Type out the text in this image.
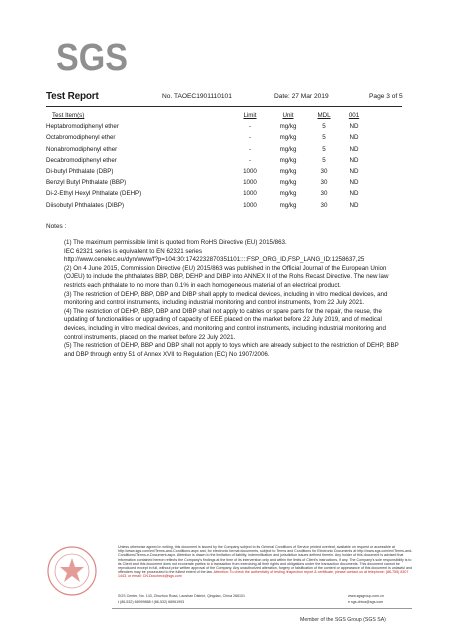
SGS
Test Report	No. TAOEC1901110101	Date: 27 Mar 2019	Page 3 of 5
Test Item(s)	Limit	Unit	MDL	001
Heptabromodiphenyl ether	-	mg/kg	5	ND
Octabromodiphenyl ether	-	mg/kg	5	ND
Nonabromodiphenyl ether	-	mg/kg	5	ND
Decabromodiphenyl ether	-	mg/kg	5	ND
Di-butyl Phthalate (DBP)	1000	mg/kg	30	ND
Benzyl Butyl Phthalate (BBP)	1000	mg/kg	30	ND
Di-2-Ethyl Hexyl Phthalate (DEHP)	1000	mg/kg	30	ND
Diisobutyl Phthalates (DIBP)	1000	mg/kg	30	ND
Notes :

(1) The maximum permissible limit is quoted from RoHS Directive (EU) 2015/863.

IEC 62321 series is equivalent to EN 62321 series

http://www.cenelec.eu/dyn/www/f?p=104:30:1742232870351101::::FSP_ORG_ID,FSP_LANG_ID:1258637,25

(2) On 4 June 2015, Commission Directive (EU) 2015/863 was published in the Official Journal of the European Union (OJEU) to include the phthalates BBP, DBP, DEHP and DIBP into ANNEX II of the Rohs Recast Directive. The new law restricts each phthalate to no more than 0.1% in each homogeneous material of an electrical product.

(3) The restriction of DEHP, BBP, DBP and DIBP shall apply to medical devices, including in vitro medical devices, and monitoring and control instruments, including industrial monitoring and control instruments, from 22 July 2021.

(4) The restriction of DEHP, BBP, DBP and DIBP shall not apply to cables or spare parts for the repair, the reuse, the updating of functionalities or upgrading of capacity of EEE placed on the market before 22 July 2019, and of medical devices, including in vitro medical devices, and monitoring and control instruments, including industrial monitoring and control instruments, placed on the market before 22 July 2021.

(5) The restriction of DEHP, BBP and DBP shall not apply to toys which are already subject to the restriction of DEHP, BBP and DBP through entry 51 of Annex XVII to Regulation (EC) No 1907/2006.

Unless otherwise agreed in writing, this document is issued by the Company subject to its General Conditions of Service printed overleaf, available on request or accessible at http://www.sgs.com/en/Terms-and-Conditions.aspx and, for electronic format documents, subject to Terms and Conditions for Electronic Documents at http://www.sgs.com/en/Terms-and-Conditions/Terms-e-Document.aspx. Attention is drawn to the limitation of liability, indemnification and jurisdiction issues defined therein. Any holder of this document is advised that information contained hereon reflects the Company's findings at the time of its intervention only and within the limits of Client's instructions, if any. The Company's sole responsibility is to its Client and this document does not exonerate parties to a transaction from exercising all their rights and obligations under the transaction documents. This document cannot be reproduced except in full, without prior written approval of the Company. Any unauthorized alteration, forgery or falsification of the content or appearance of this document is unlawful and offenders may be prosecuted to the fullest extent of the law. Attention: To check the authenticity of testing /inspection report & certificate, please contact us at telephone: (86-755) 8307 1443, or email: CN.Doccheck@sgs.com
SGS Center, No. 143, Zhuzhou Road, Laoshan District, Qingdao, China 266101
t (86-532) 68999888 f (86-532) 68961993
www.sgsgroup.com.cn
e sgs.china@sgs.com
Member of the SGS Group (SGS SA)
